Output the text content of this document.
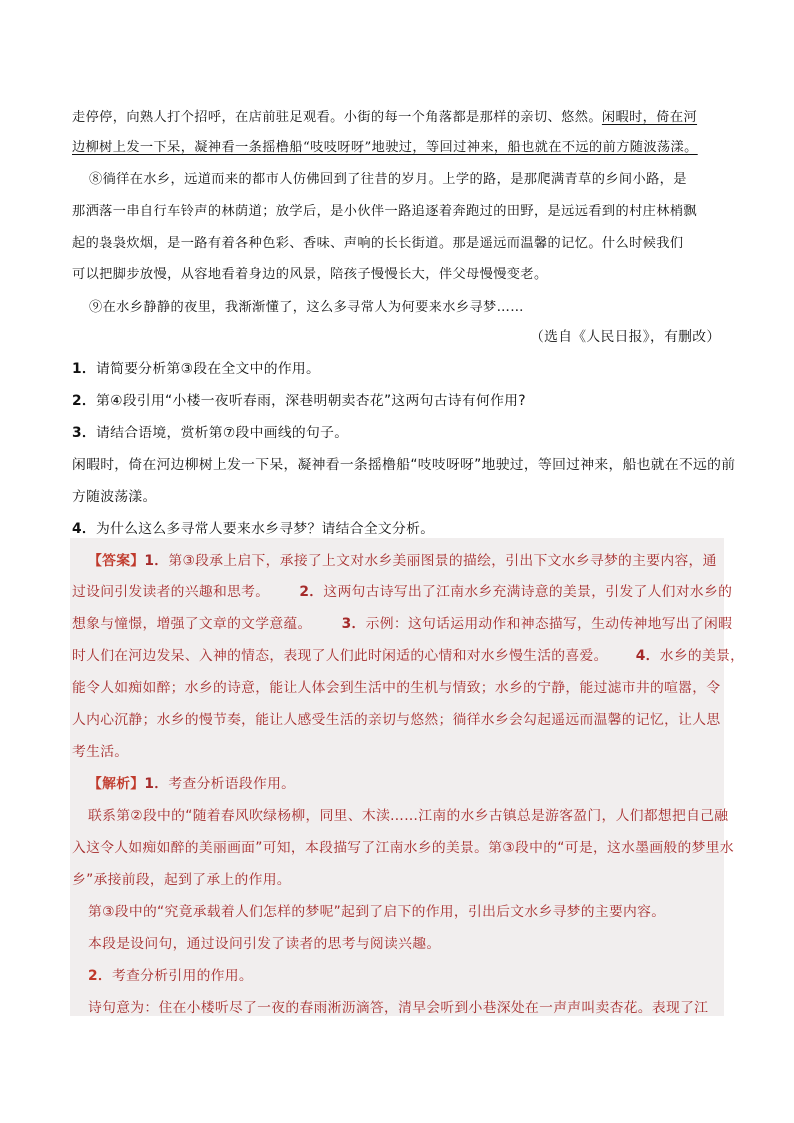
走停停，向熟人打个招呼，在店前驻足观看。小街的每一个角落都是那样的亲切、悠然。闲暇时，倚在河
边柳树上发一下呆，凝神看一条摇橹船“吱吱呀呀”地驶过，等回过神来，船也就在不远的前方随波荡漾。
⑧徜徉在水乡，远道而来的都市人仿佛回到了往昔的岁月。上学的路，是那爬满青草的乡间小路，是
那洒落一串自行车铃声的林荫道；放学后，是小伙伴一路追逐着奔跑过的田野，是远远看到的村庄林梢飘
起的袅袅炊烟，是一路有着各种色彩、香味、声响的长长街道。那是遥远而温馨的记忆。什么时候我们
可以把脚步放慢，从容地看着身边的风景，陪孩子慢慢长大，伴父母慢慢变老。
⑨在水乡静静的夜里，我渐渐懂了，这么多寻常人为何要来水乡寻梦……
（选自《人民日报》，有删改）
1．请简要分析第③段在全文中的作用。
2．第④段引用“小楼一夜听春雨，深巷明朝卖杏花”这两句古诗有何作用?
3．请结合语境，赏析第⑦段中画线的句子。
闲暇时，倚在河边柳树上发一下呆，凝神看一条摇橹船“吱吱呀呀”地驶过，等回过神来，船也就在不远的前
方随波荡漾。
4．为什么这么多寻常人要来水乡寻梦？请结合全文分析。
【答案】1．第③段承上启下，承接了上文对水乡美丽图景的描绘，引出下文水乡寻梦的主要内容，通
过设问引发读者的兴趣和思考。 2．这两句古诗写出了江南水乡充满诗意的美景，引发了人们对水乡的
想象与憧憬，增强了文章的文学意蕴。 3．示例：这句话运用动作和神态描写，生动传神地写出了闲暇
时人们在河边发呆、入神的情态，表现了人们此时闲适的心情和对水乡慢生活的喜爱。 4．水乡的美景，
能令人如痴如醉；水乡的诗意，能让人体会到生活中的生机与情致；水乡的宁静，能过滤市井的喧嚣，令
人内心沉静；水乡的慢节奏，能让人感受生活的亲切与悠然；徜徉水乡会勾起遥远而温馨的记忆，让人思
考生活。
【解析】1．考查分析语段作用。
联系第②段中的“随着春风吹绿杨柳，同里、木渎……江南的水乡古镇总是游客盈门，人们都想把自己融
入这令人如痴如醉的美丽画面”可知，本段描写了江南水乡的美景。第③段中的“可是，这水墨画般的梦里水
乡”承接前段，起到了承上的作用。
第③段中的“究竟承载着人们怎样的梦呢”起到了启下的作用，引出后文水乡寻梦的主要内容。
本段是设问句，通过设问引发了读者的思考与阅读兴趣。
2．考查分析引用的作用。
诗句意为：住在小楼听尽了一夜的春雨淅沥滴答，清早会听到小巷深处在一声声叫卖杏花。表现了江
